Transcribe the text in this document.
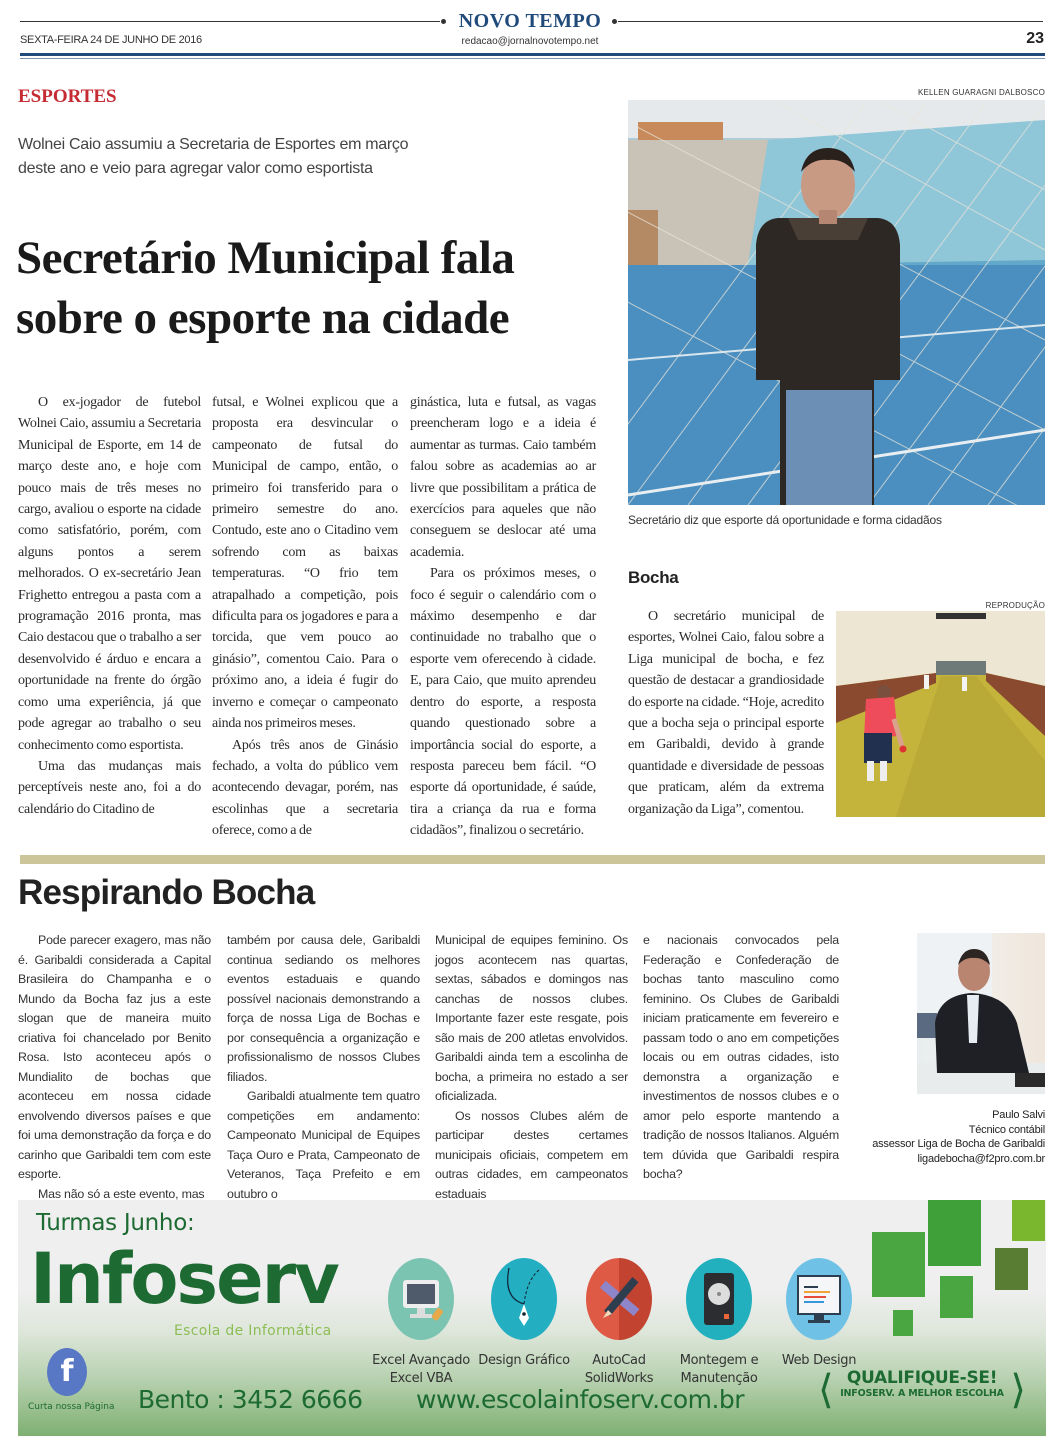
NOVO TEMPO
SEXTA-FEIRA 24 DE JUNHO DE 2016	redacao@jornalnovotempo.net	23
ESPORTES
Wolnei Caio assumiu a Secretaria de Esportes em março deste ano e veio para agregar valor como esportista
Secretário Municipal fala sobre o esporte na cidade

O ex-jogador de futebol Wolnei Caio, assumiu a Secretaria Municipal de Esporte, em 14 de março deste ano, e hoje com pouco mais de três meses no cargo, avaliou o esporte na cidade como satisfatório, porém, com alguns pontos a serem melhorados. O ex-secretário Jean Frighetto entregou a pasta com a programação 2016 pronta, mas Caio destacou que o trabalho a ser desenvolvido é árduo e encara a oportunidade na frente do órgão como uma experiência, já que pode agregar ao trabalho o seu conhecimento como esportista.

Uma das mudanças mais perceptíveis neste ano, foi a do calendário do Citadino de

futsal, e Wolnei explicou que a proposta era desvincular o campeonato de futsal do Municipal de campo, então, o primeiro foi transferido para o primeiro semestre do ano. Contudo, este ano o Citadino vem sofrendo com as baixas temperaturas. “O frio tem atrapalhado a competição, pois dificulta para os jogadores e para a torcida, que vem pouco ao ginásio”, comentou Caio. Para o próximo ano, a ideia é fugir do inverno e começar o campeonato ainda nos primeiros meses.

Após três anos de Ginásio fechado, a volta do público vem acontecendo devagar, porém, nas escolinhas que a secretaria oferece, como a de

ginástica, luta e futsal, as vagas preencheram logo e a ideia é aumentar as turmas. Caio também falou sobre as academias ao ar livre que possibilitam a prática de exercícios para aqueles que não conseguem se deslocar até uma academia.

Para os próximos meses, o foco é seguir o calendário com o máximo desempenho e dar continuidade no trabalho que o esporte vem oferecendo à cidade. E, para Caio, que muito aprendeu dentro do esporte, a resposta quando questionado sobre a importância social do esporte, a resposta pareceu bem fácil. “O esporte dá oportunidade, é saúde, tira a criança da rua e forma cidadãos”, finalizou o secretário.

KELLEN GUARAGNI DALBOSCO
Secretário diz que esporte dá oportunidade e forma cidadãos
Bocha
REPRODUÇÃO

O secretário municipal de esportes, Wolnei Caio, falou sobre a Liga municipal de bocha, e fez questão de destacar a grandiosidade do esporte na cidade. “Hoje, acredito que a bocha seja o principal esporte em Garibaldi, devido à grande quantidade e diversidade de pessoas que praticam, além da extrema organização da Liga”, comentou.

Respirando Bocha

Pode parecer exagero, mas não é. Garibaldi considerada a Capital Brasileira do Champanha e o Mundo da Bocha faz jus a este slogan que de maneira muito criativa foi chancelado por Benito Rosa. Isto aconteceu após o Mundialito de bochas que aconteceu em nossa cidade envolvendo diversos países e que foi uma demonstração da força e do carinho que Garibaldi tem com este esporte.

Mas não só a este evento, mas

também por causa dele, Garibaldi continua sediando os melhores eventos estaduais e quando possível nacionais demonstrando a força de nossa Liga de Bochas e por consequência a organização e profissionalismo de nossos Clubes filiados.

Garibaldi atualmente tem quatro competições em andamento: Campeonato Municipal de Equipes Taça Ouro e Prata, Campeonato de Veteranos, Taça Prefeito e em outubro o

Municipal de equipes feminino. Os jogos acontecem nas quartas, sextas, sábados e domingos nas canchas de nossos clubes. Importante fazer este resgate, pois são mais de 200 atletas envolvidos. Garibaldi ainda tem a escolinha de bocha, a primeira no estado a ser oficializada.

Os nossos Clubes além de participar destes certames municipais oficiais, competem em outras cidades, em campeonatos estaduais

e nacionais convocados pela Federação e Confederação de bochas tanto masculino como feminino. Os Clubes de Garibaldi iniciam praticamente em fevereiro e passam todo o ano em competições locais ou em outras cidades, isto demonstra a organização e investimentos de nossos clubes e o amor pelo esporte mantendo a tradição de nossos Italianos. Alguém tem dúvida que Garibaldi respira bocha?

Paulo Salvi
Técnico contábil
assessor Liga de Bocha de Garibaldi
ligadebocha@f2pro.com.br
Turmas Junho:
Infoserv
Escola de Informática
Excel Avançado
Excel VBA
Design Gráfico	AutoCad
SolidWorks
Montegem e
Manutenção
Web Design
f
Curta nossa Página Bento : 3452 6666 www.escolainfoserv.com.br ⟨ QUALIFIQUE-SE!
INFOSERV. A MELHOR ESCOLHA ⟩
